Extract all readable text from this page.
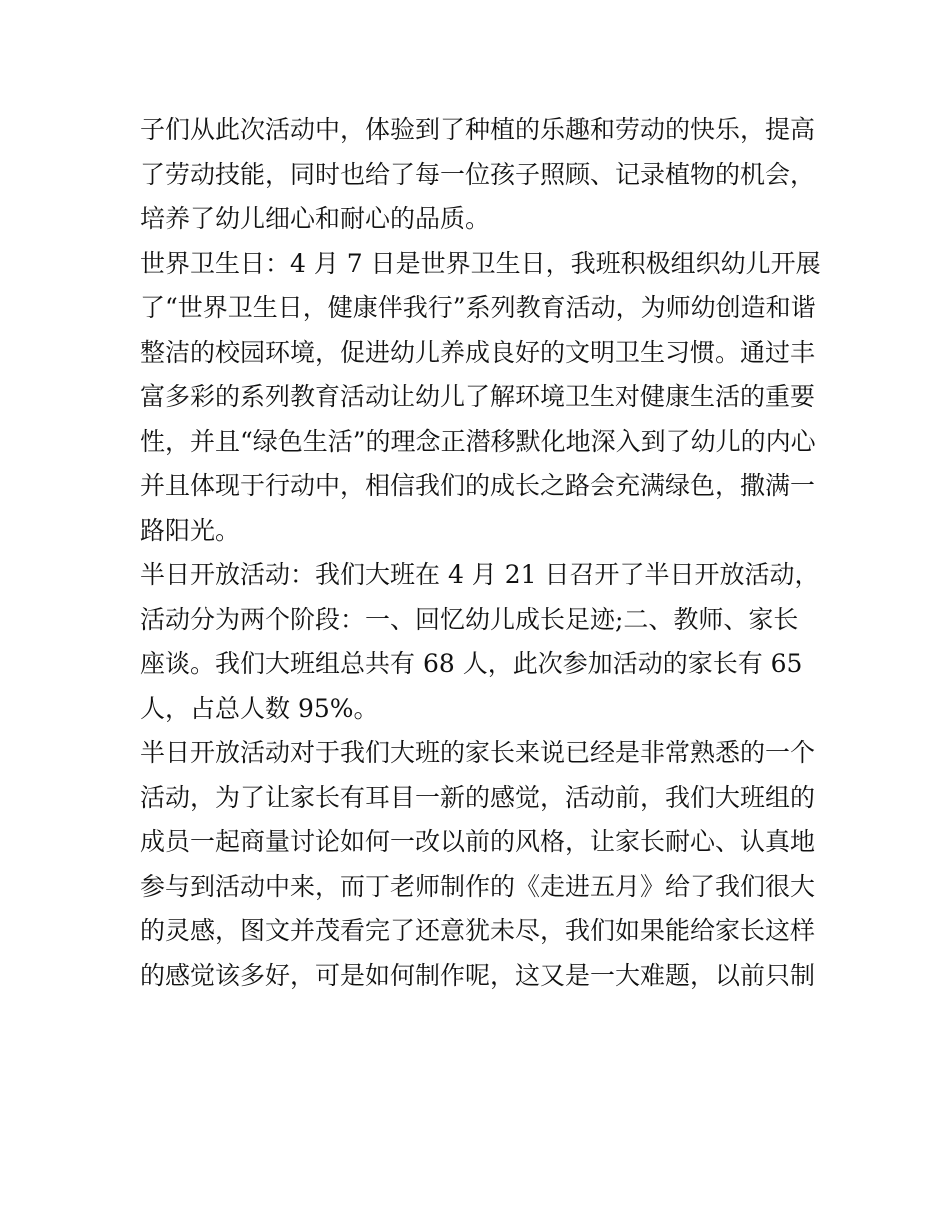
子们从此次活动中，体验到了种植的乐趣和劳动的快乐，提高
了劳动技能，同时也给了每一位孩子照顾、记录植物的机会，
培养了幼儿细心和耐心的品质。
世界卫生日：4 月 7 日是世界卫生日，我班积极组织幼儿开展
了“世界卫生日，健康伴我行”系列教育活动，为师幼创造和谐
整洁的校园环境，促进幼儿养成良好的文明卫生习惯。通过丰
富多彩的系列教育活动让幼儿了解环境卫生对健康生活的重要
性，并且“绿色生活”的理念正潜移默化地深入到了幼儿的内心
并且体现于行动中，相信我们的成长之路会充满绿色，撒满一
路阳光。
半日开放活动：我们大班在 4 月 21 日召开了半日开放活动，
活动分为两个阶段：一、回忆幼儿成长足迹;二、教师、家长
座谈。我们大班组总共有 68 人，此次参加活动的家长有 65
人，占总人数 95%。
半日开放活动对于我们大班的家长来说已经是非常熟悉的一个
活动，为了让家长有耳目一新的感觉，活动前，我们大班组的
成员一起商量讨论如何一改以前的风格，让家长耐心、认真地
参与到活动中来，而丁老师制作的《走进五月》给了我们很大
的灵感，图文并茂看完了还意犹未尽，我们如果能给家长这样
的感觉该多好，可是如何制作呢，这又是一大难题，以前只制
